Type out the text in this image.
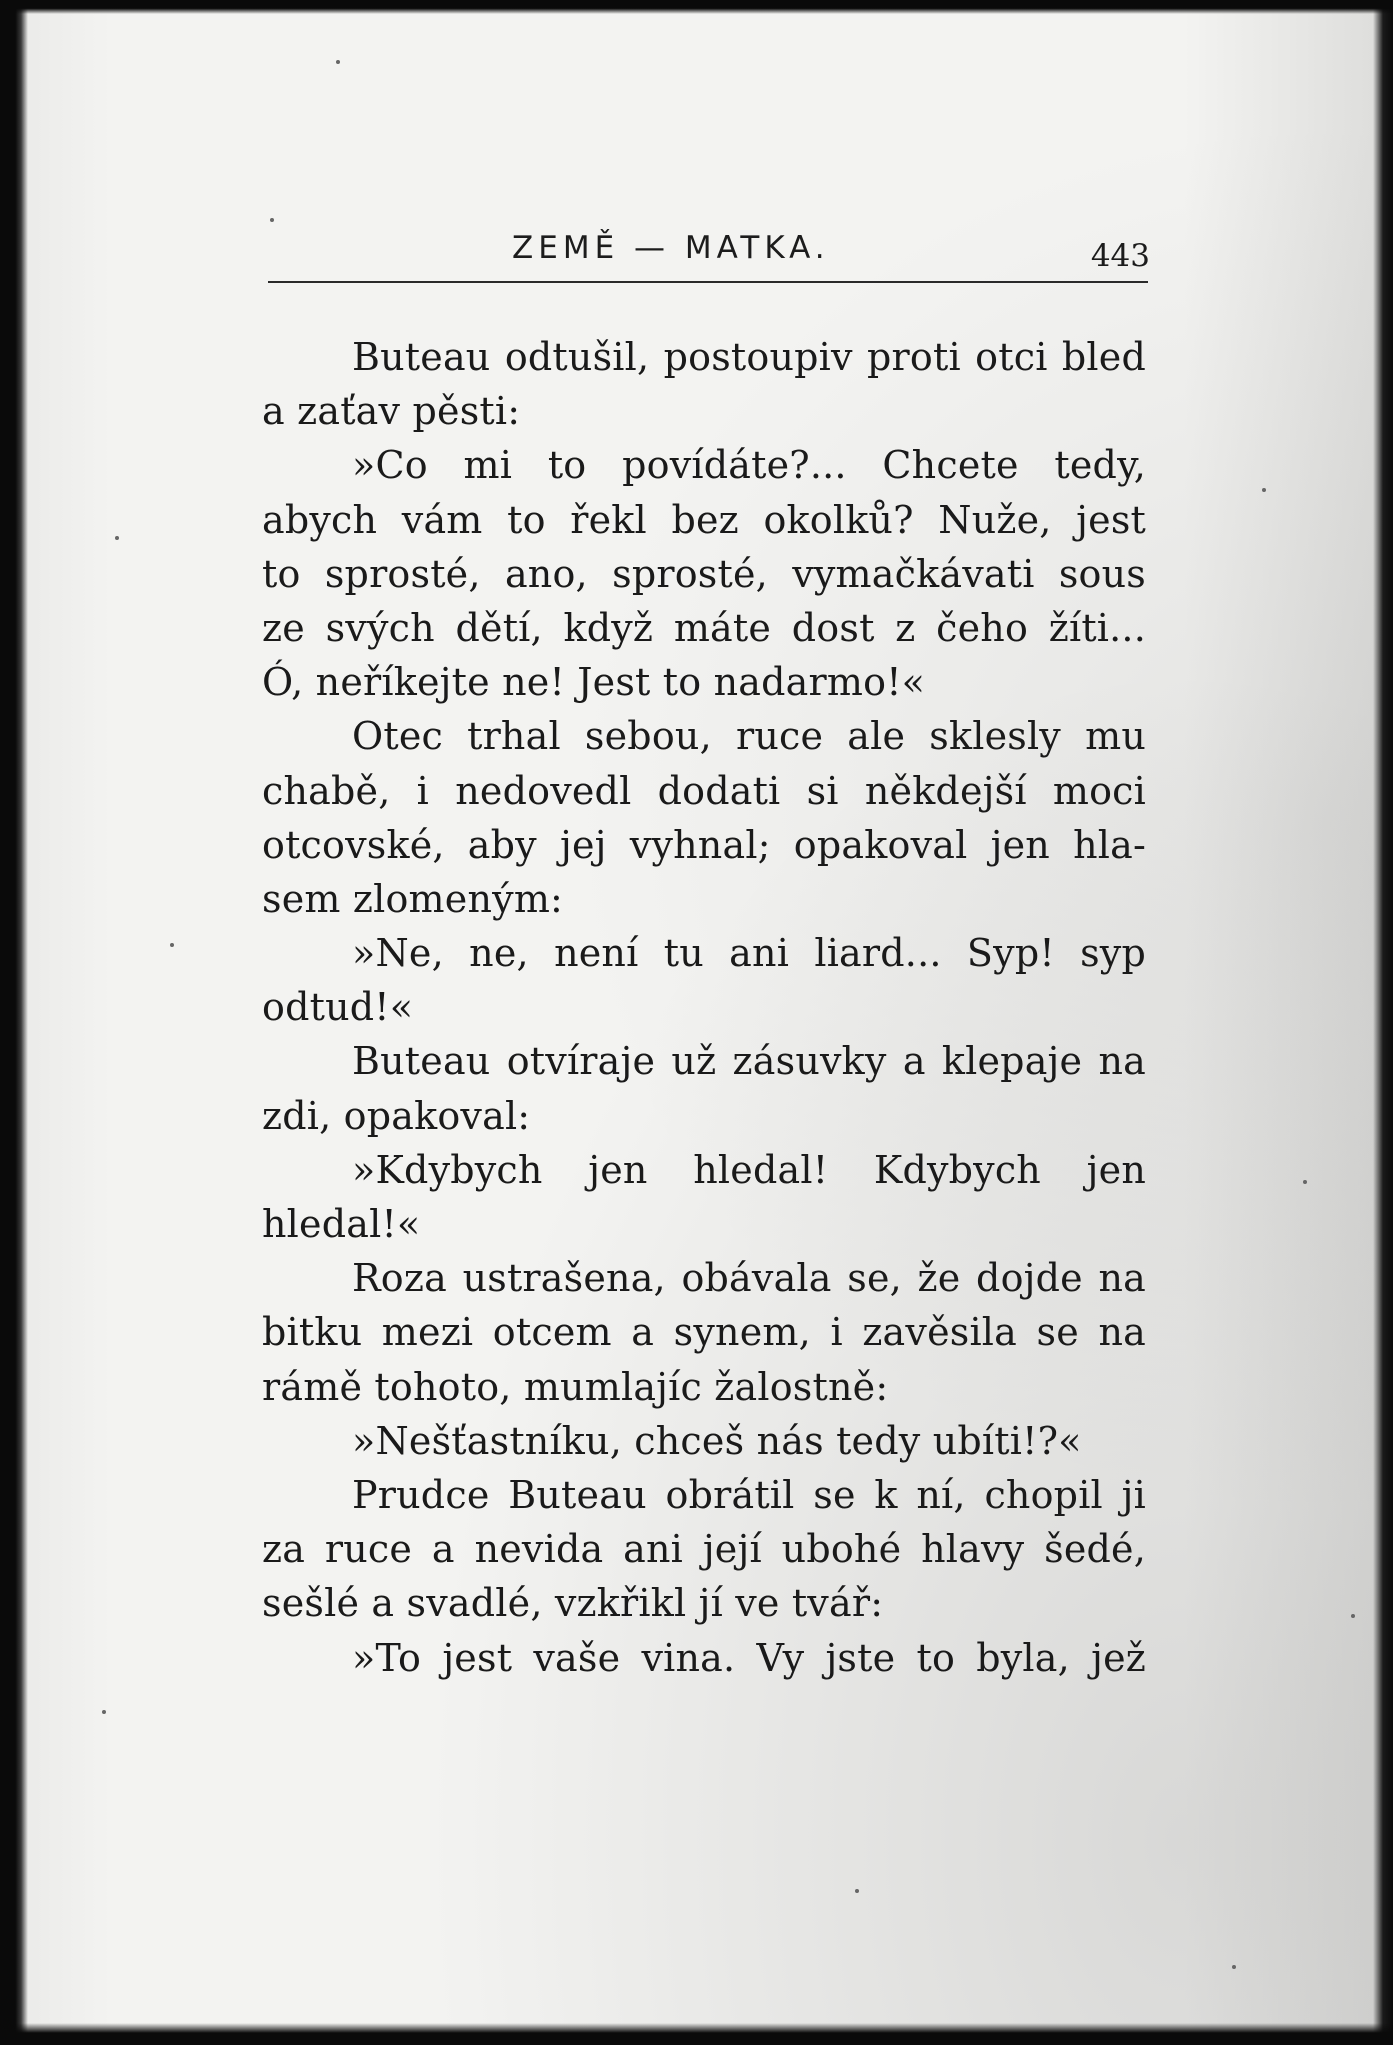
ZEMĚ — MATKA.	443
Buteau odtušil, postoupiv proti otci bled
a zaťav pěsti:
»Co mi to povídáte?... Chcete tedy,
abych vám to řekl bez okolků? Nuže, jest
to sprosté, ano, sprosté, vymačkávati sous
ze svých dětí, když máte dost z čeho žíti...
Ó, neříkejte ne! Jest to nadarmo!«
Otec trhal sebou, ruce ale sklesly mu
chabě, i nedovedl dodati si někdejší moci
otcovské, aby jej vyhnal; opakoval jen hla-
sem zlomeným:
»Ne, ne, není tu ani liard... Syp! syp
odtud!«
Buteau otvíraje už zásuvky a klepaje na
zdi, opakoval:
»Kdybych jen hledal! Kdybych jen
hledal!«
Roza ustrašena, obávala se, že dojde na
bitku mezi otcem a synem, i zavěsila se na
rámě tohoto, mumlajíc žalostně:
»Nešťastníku, chceš nás tedy ubíti!?«
Prudce Buteau obrátil se k ní, chopil ji
za ruce a nevida ani její ubohé hlavy šedé,
sešlé a svadlé, vzkřikl jí ve tvář:
»To jest vaše vina. Vy jste to byla, jež
